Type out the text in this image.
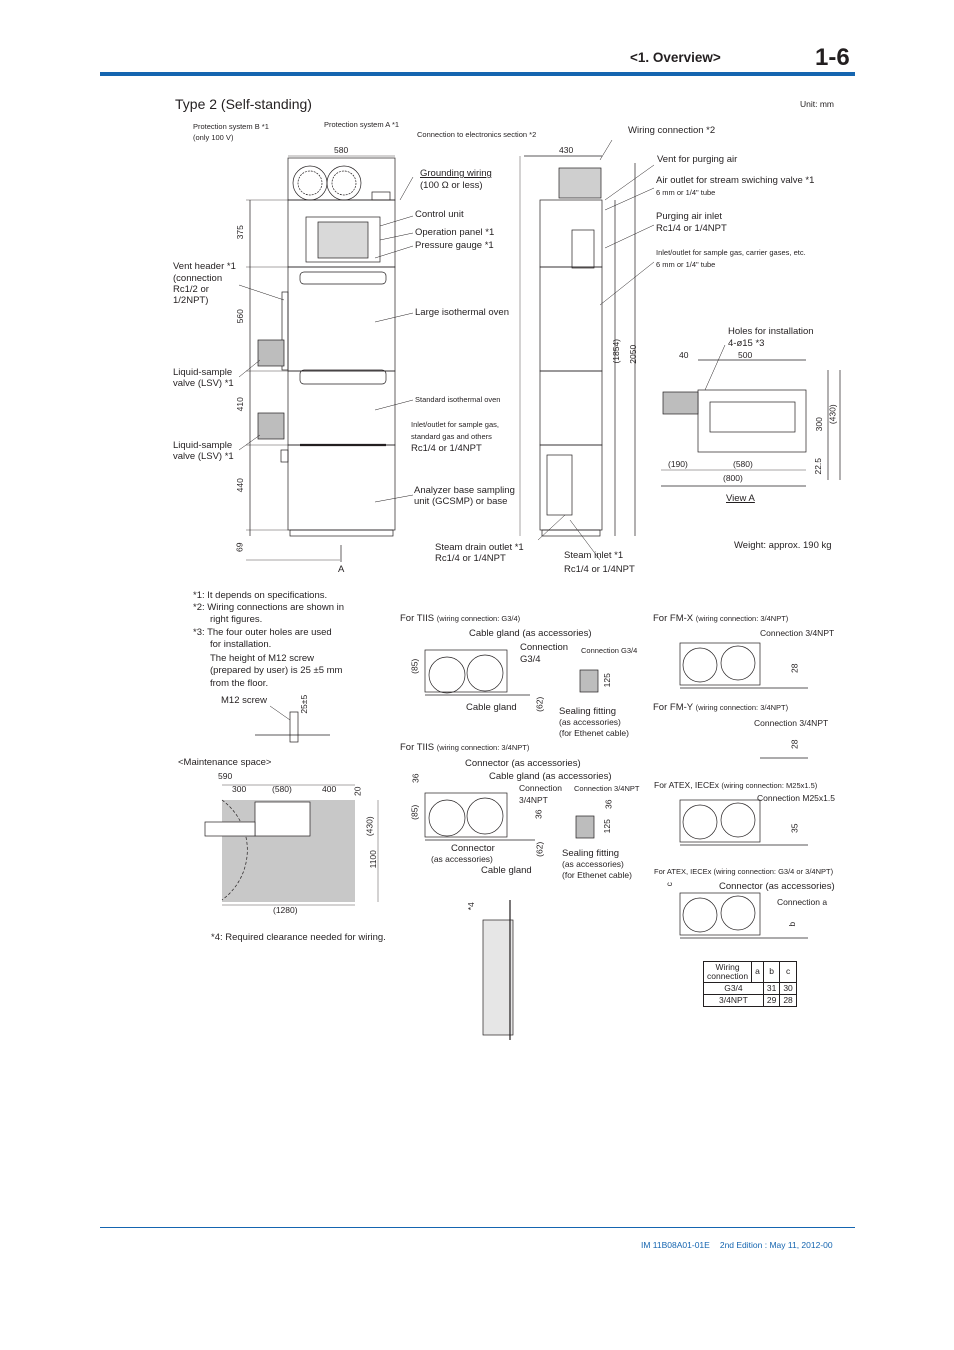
<1. Overview>	1-6
Type 2 (Self-standing)	Unit: mm
Protection system B *1
(only 100 V)
Protection system A *1
Connection to electronics section *2
580
Grounding wiring
(100 Ω or less)
Control unit
Operation panel *1
Pressure gauge *1
Vent header *1
(connection
Rc1/2 or
1/2NPT)
Large isothermal oven
Liquid-sample
valve (LSV) *1
Standard isothermal oven
Inlet/outlet for sample gas,
standard gas and others
Rc1/4 or 1/4NPT
Liquid-sample
valve (LSV) *1
Analyzer base sampling
unit (GCSMP) or base
375
560
410
440
69
A
430
Wiring connection *2
Vent for purging air
Air outlet for stream swiching valve *1
6 mm or 1/4" tube
Purging air inlet
Rc1/4 or 1/4NPT
Inlet/outlet for sample gas, carrier gases, etc.
6 mm or 1/4" tube
(1854) 2050
Steam drain outlet *1
Rc1/4 or 1/4NPT	Steam inlet *1
Rc1/4 or 1/4NPT
Holes for installation
4-ø15 *3
40	500
300
(430)
(190)	(580)
(800)
22.5
View A
Weight: approx. 190 kg
*1: It depends on specifications.
*2: Wiring connections are shown in
right figures.
*3: The four outer holes are used
for installation.
The height of M12 screw
(prepared by user) is 25 ±5 mm
from the floor.
M12 screw	25±5
<Maintenance space>
590
300	(580)	400 20
(430)
1100
(1280)
*4: Required clearance needed for wiring.
For TIIS (wiring connection: G3/4)
Cable gland (as accessories)
Connection
G3/4
Connection G3/4
(85)
(62)
125
Cable gland	Sealing fitting
(as accessories)
(for Ethenet cable)
For TIIS (wiring connection: 3/4NPT)
Connector (as accessories)
Cable gland (as accessories)
Connection
3/4NPT
Connection 3/4NPT
36
36
36
(85)
(62)
125
Connector
(as accessories)
Cable gland
Sealing fitting
(as accessories)
(for Ethenet cable)
*4
For FM-X (wiring connection: 3/4NPT)
Connection 3/4NPT
28
For FM-Y (wiring connection: 3/4NPT)
Connection 3/4NPT
28
For ATEX, IECEx (wiring connection: M25x1.5)
Connection M25x1.5
35
For ATEX, IECEx (wiring connection: G3/4 or 3/4NPT)
Connector (as accessories)
Connection a
c
b
Wiring
connection	a	b	c
G3/4		31	30
3/4NPT		29	28
IM 11B08A01-01E 2nd Edition : May 11, 2012-00
